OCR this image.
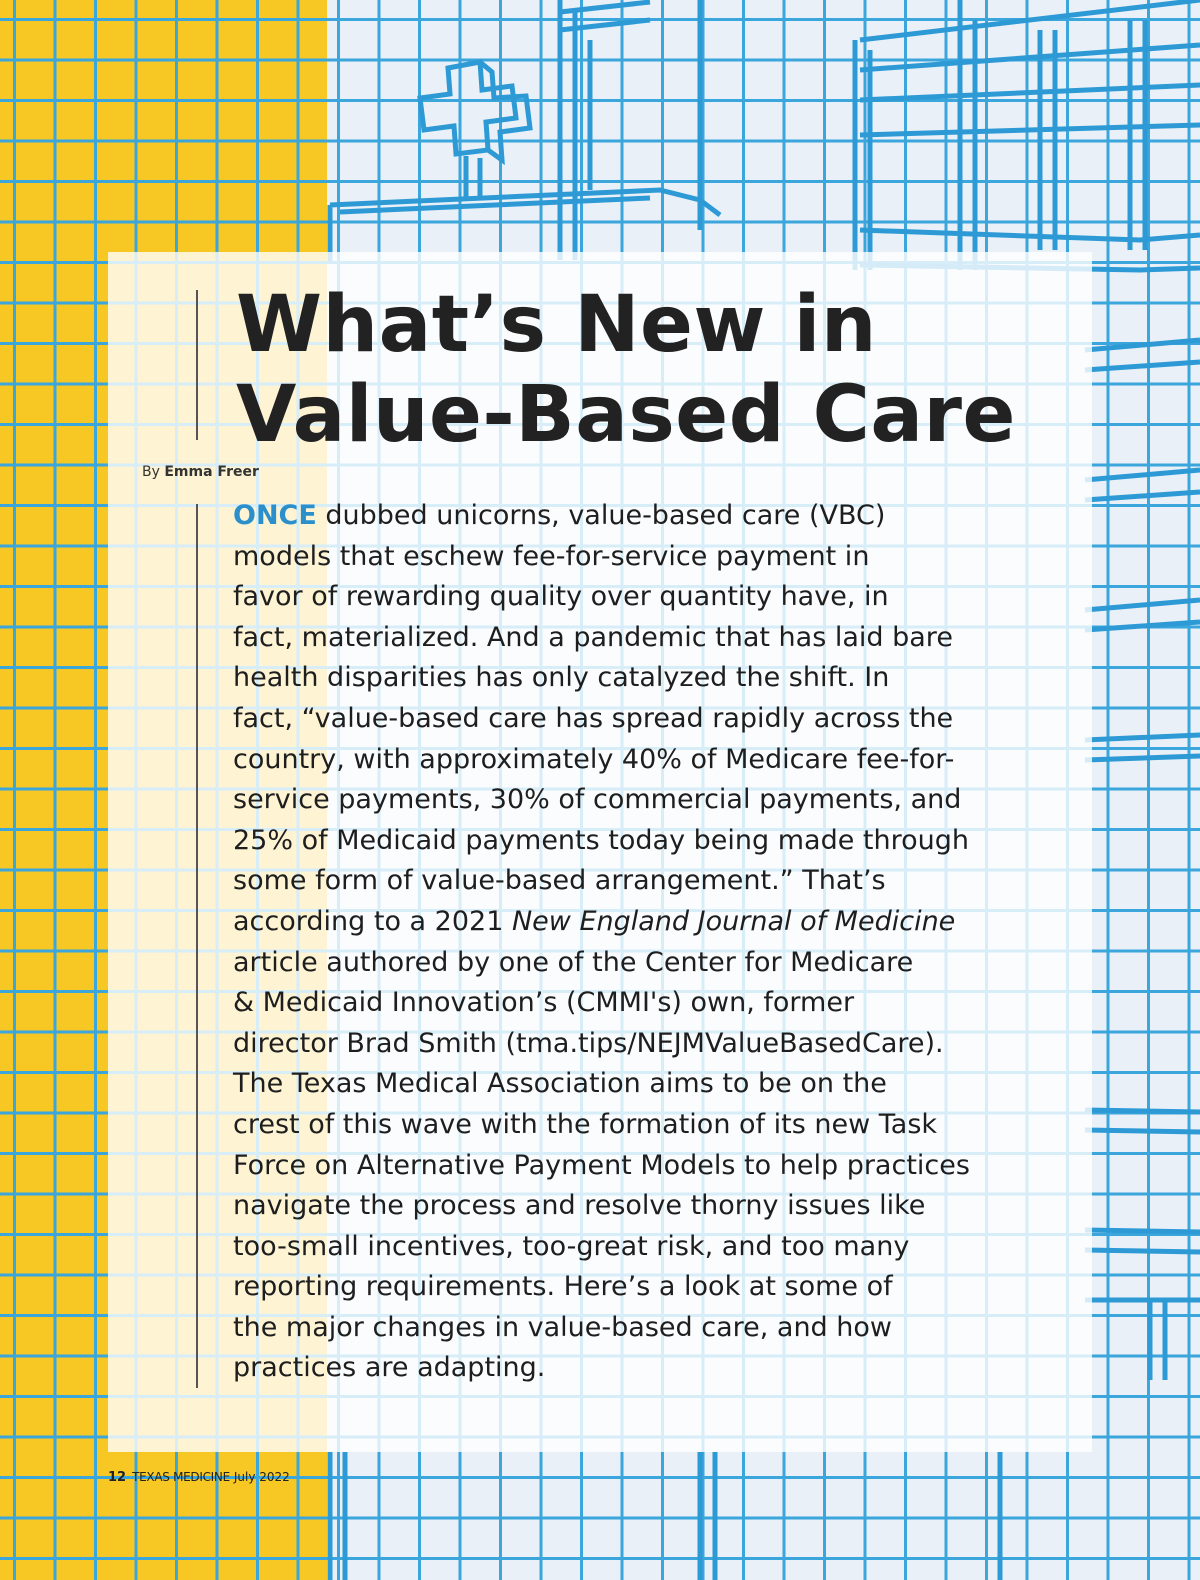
What’s New in
Value-Based Care
By Emma Freer
ONCE dubbed unicorns, value-based care (VBC)
models that eschew fee-for-service payment in
favor of rewarding quality over quantity have, in
fact, materialized. And a pandemic that has laid bare
health disparities has only catalyzed the shift. In
fact, “value-based care has spread rapidly across the
country, with approximately 40% of Medicare fee-for-
service payments, 30% of commercial payments, and
25% of Medicaid payments today being made through
some form of value-based arrangement.” That’s
according to a 2021 New England Journal of Medicine
article authored by one of the Center for Medicare
& Medicaid Innovation’s (CMMI's) own, former
director Brad Smith (tma.tips/NEJMValueBasedCare).
The Texas Medical Association aims to be on the
crest of this wave with the formation of its new Task
Force on Alternative Payment Models to help practices
navigate the process and resolve thorny issues like
too-small incentives, too-great risk, and too many
reporting requirements. Here’s a look at some of
the major changes in value-based care, and how
practices are adapting.
12 TEXAS MEDICINE July 2022
